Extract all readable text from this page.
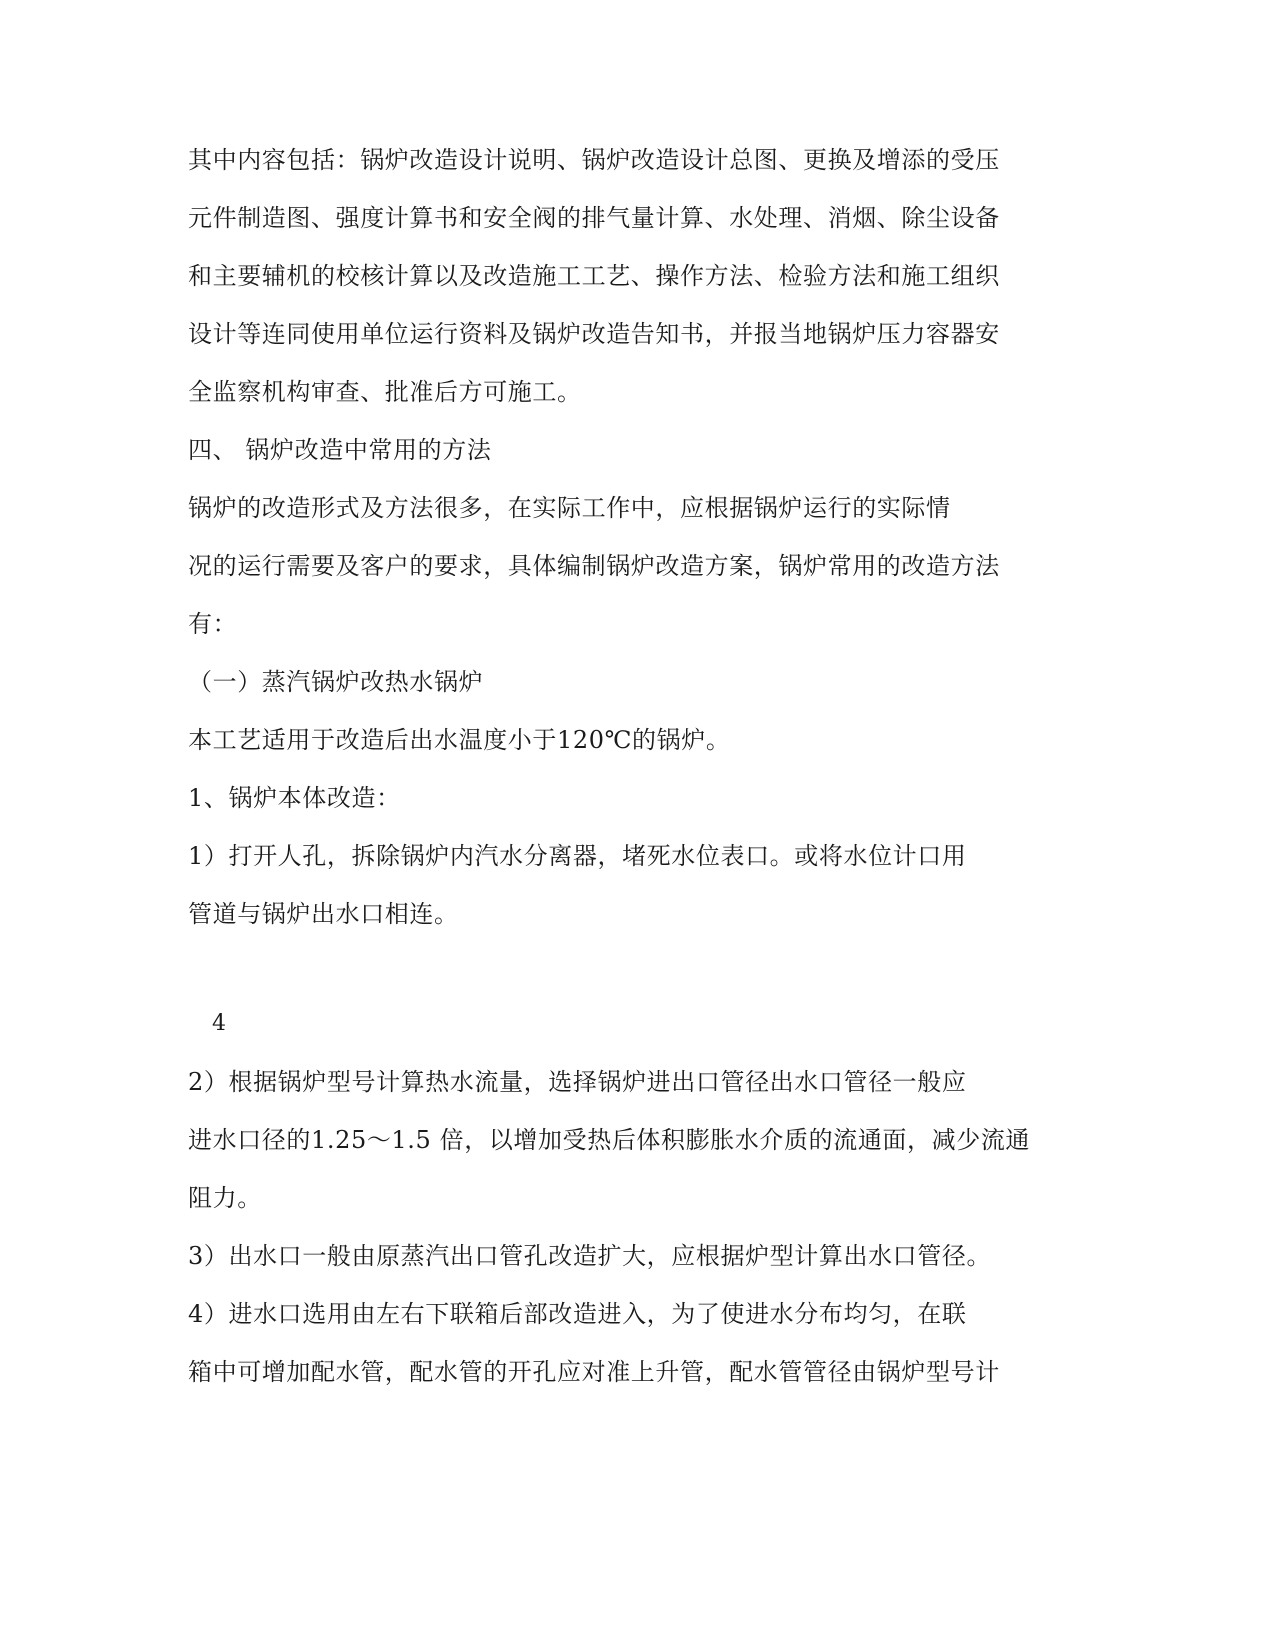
其中内容包括：锅炉改造设计说明、锅炉改造设计总图、更换及增添的受压
元件制造图、强度计算书和安全阀的排气量计算、水处理、消烟、除尘设备
和主要辅机的校核计算以及改造施工工艺、操作方法、检验方法和施工组织
设计等连同使用单位运行资料及锅炉改造告知书，并报当地锅炉压力容器安
全监察机构审查、批准后方可施工。
四、 锅炉改造中常用的方法
锅炉的改造形式及方法很多，在实际工作中，应根据锅炉运行的实际情
况的运行需要及客户的要求，具体编制锅炉改造方案，锅炉常用的改造方法
有：
（一）蒸汽锅炉改热水锅炉
本工艺适用于改造后出水温度小于120℃的锅炉。
1、锅炉本体改造：
1）打开人孔，拆除锅炉内汽水分离器，堵死水位表口。或将水位计口用
管道与锅炉出水口相连。
4
2）根据锅炉型号计算热水流量，选择锅炉进出口管径出水口管径一般应
进水口径的1.25～1.5 倍，以增加受热后体积膨胀水介质的流通面，减少流通
阻力。
3）出水口一般由原蒸汽出口管孔改造扩大，应根据炉型计算出水口管径。
4）进水口选用由左右下联箱后部改造进入，为了使进水分布均匀，在联
箱中可增加配水管，配水管的开孔应对准上升管，配水管管径由锅炉型号计
